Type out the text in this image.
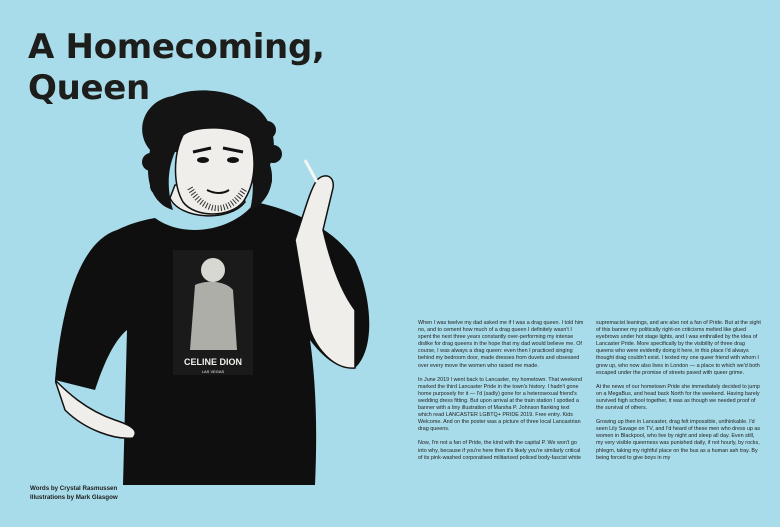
A Homecoming,
Queen
CELINE DION
LAS VEGAS
Words by Crystal Rasmussen
Illustrations by Mark Glasgow

When I was twelve my dad asked me if I was a drag queen. I told him no, and to cement how much of a drag queen I definitely wasn't I spent the next three years constantly over-performing my intense dislike for drag queens in the hope that my dad would believe me. Of course, I was always a drag queen: even then I practiced singing behind my bedroom door, made dresses from duvets and obsessed over every move the women who raised me made.

In June 2019 I went back to Lancaster, my hometown. That weekend marked the third Lancaster Pride in the town's history. I hadn't gone home purposely for it — I'd (sadly) gone for a heterosexual friend's wedding dress fitting. But upon arrival at the train station I spotted a banner with a tiny illustration of Marsha P. Johnson flanking text which read LANCASTER LGBTQ+ PRIDE 2019. Free entry. Kids Welcome. And on the poster was a picture of three local Lancastrian drag queens.

Now, I'm not a fan of Pride, the kind with the capital P. We won't go into why, because if you're here then it's likely you're similarly critical of its pink-washed corporatised militarised policed body-fascist white

supremacist leanings, and are also not a fan of Pride. But at the sight of this banner my politically right-on criticisms melted like glued eyebrows under hot stage lights, and I was enthralled by the idea of Lancaster Pride. More specifically by the visibility of three drag queens who were evidently doing it here, in this place I'd always thought drag couldn't exist. I texted my one queer friend with whom I grew up, who now also lives in London — a place to which we'd both escaped under the promise of streets paved with queer grime.

At the news of our hometown Pride she immediately decided to jump on a MegaBus, and head back North for the weekend. Having barely survived high school together, it was as though we needed proof of the survival of others.

Growing up then in Lancaster, drag felt impossible, unthinkable. I'd seen Lily Savage on TV, and I'd heard of these men who dress up as women in Blackpool, who live by night and sleep all day. Even still, my very visible queerness was punished daily, if not hourly, by rocks, phlegm, taking my rightful place on the bus as a human ash tray. By being forced to give boys in my
